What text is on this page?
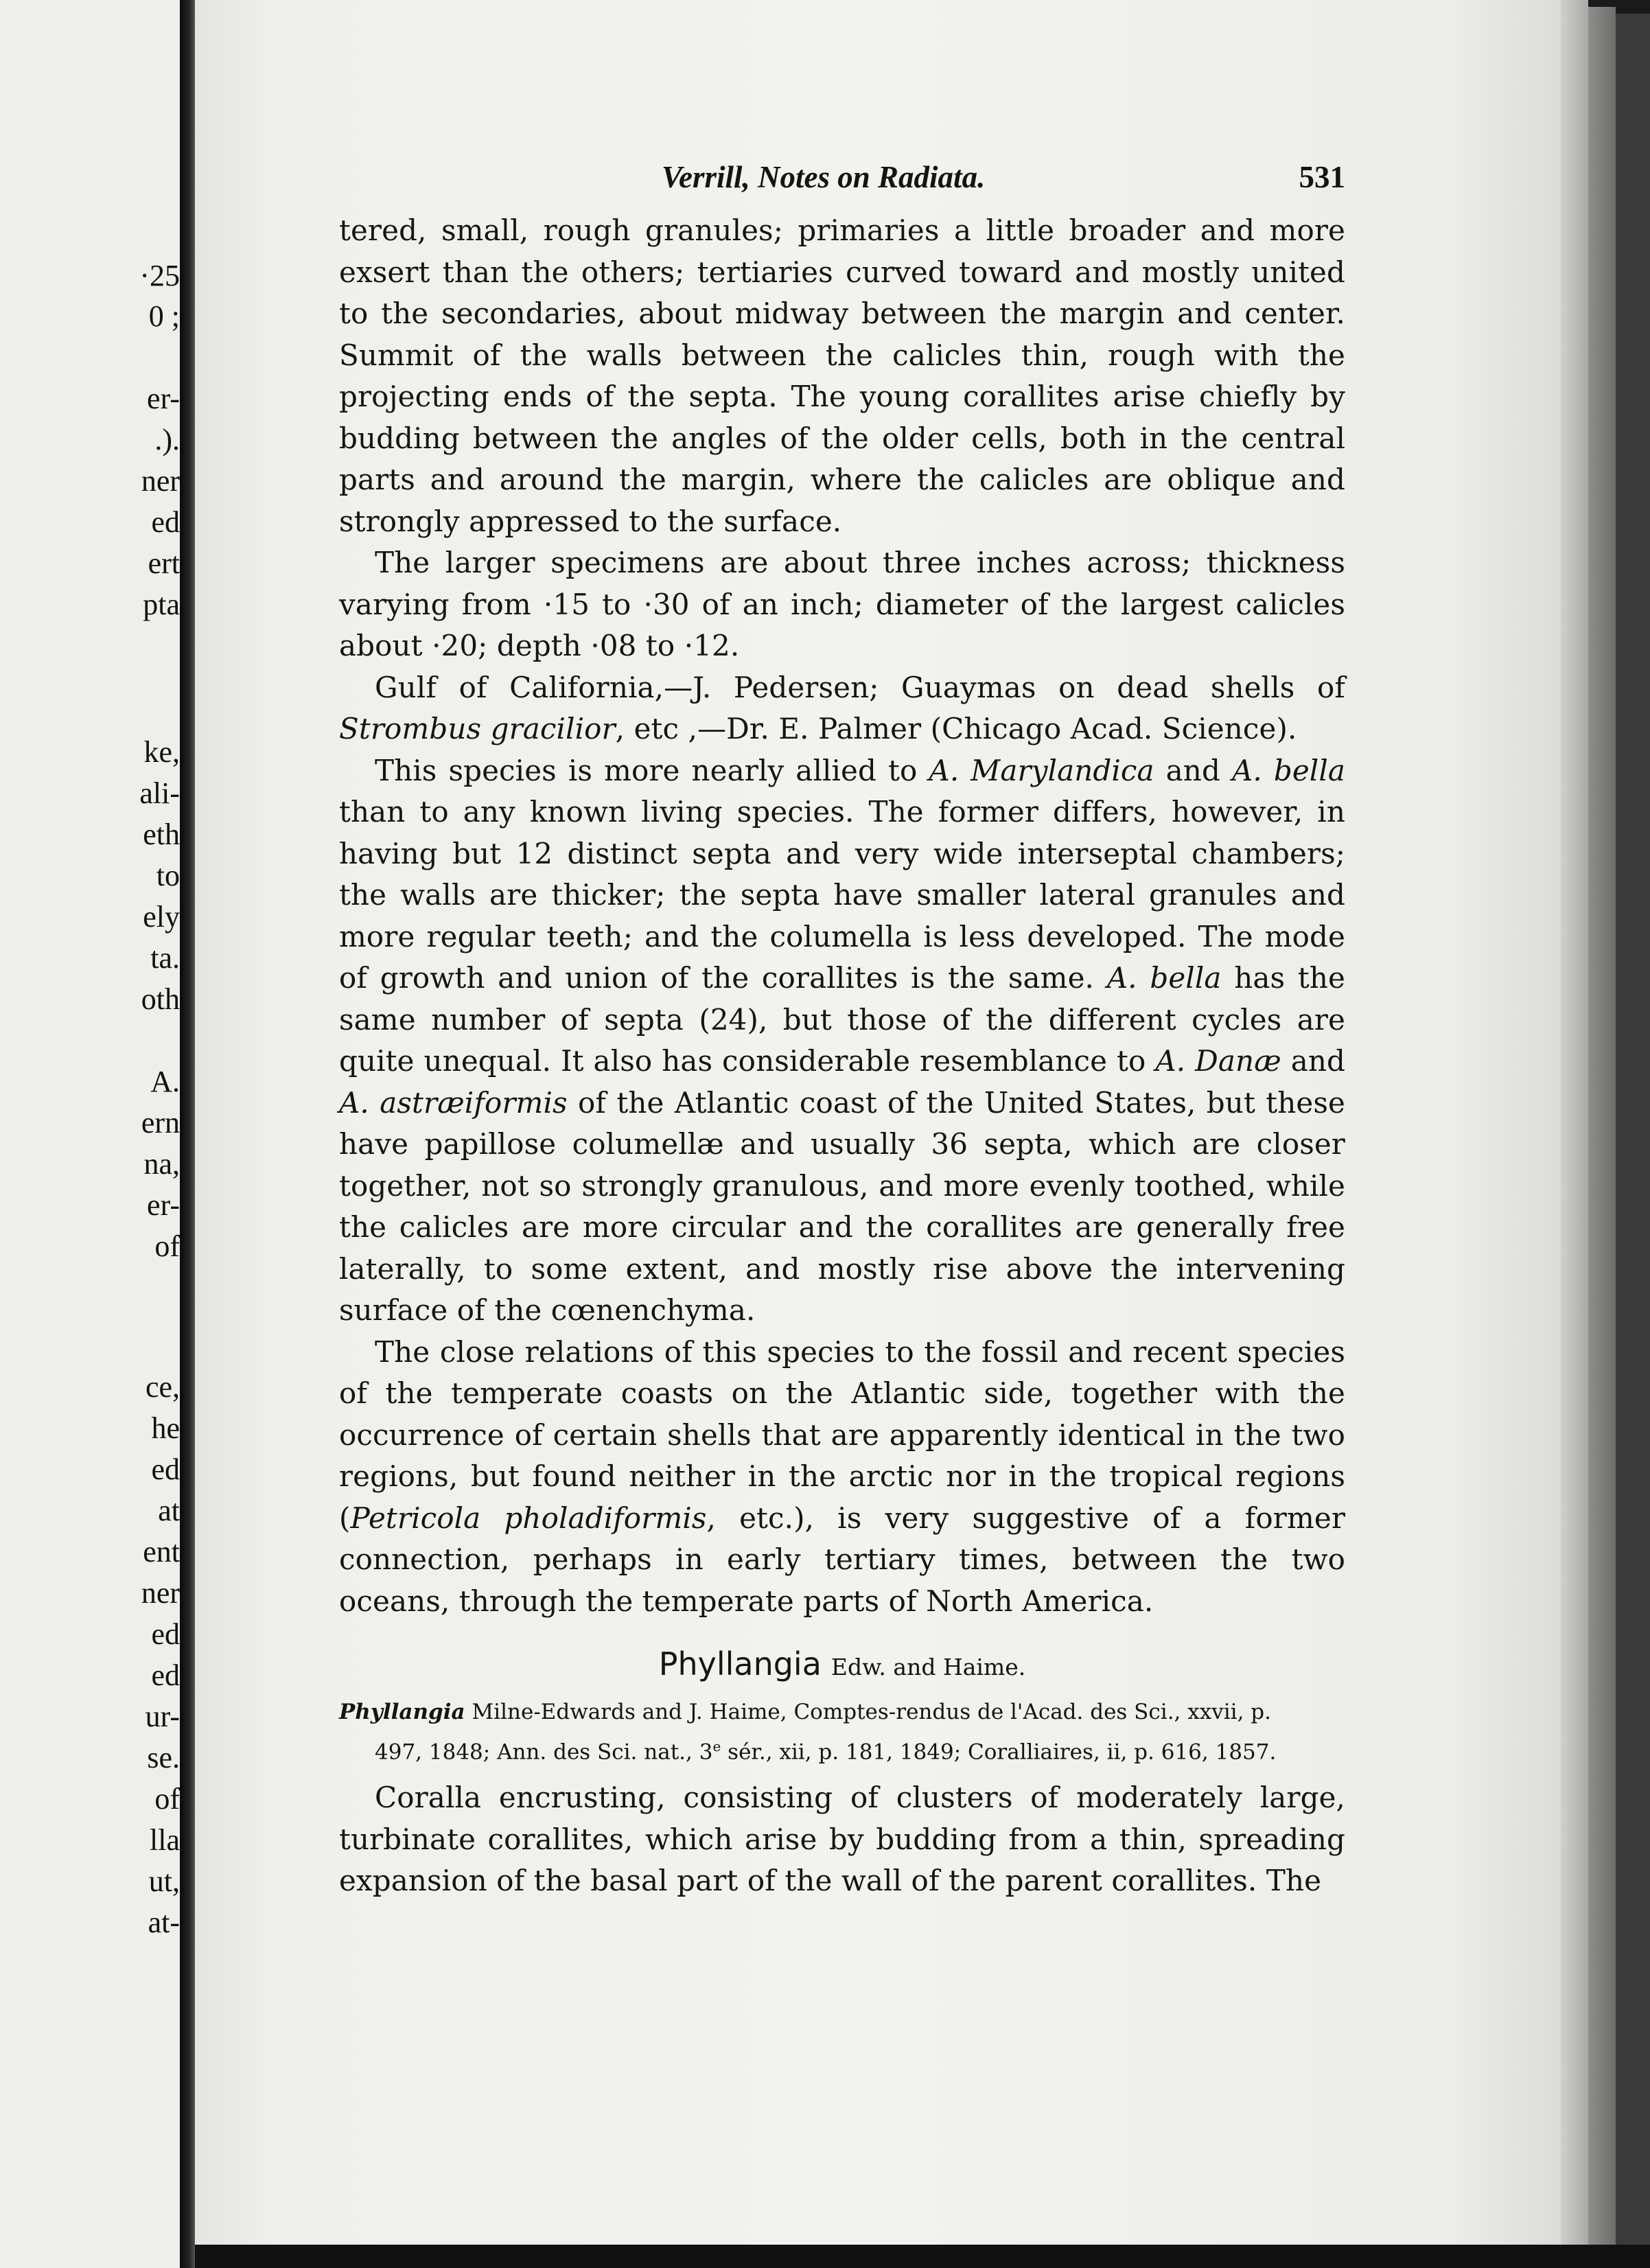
·25
0 ;
er-
.).
ner
ed
ert
pta
ke,
ali-
eth
to
ely
ta.
oth
A.
ern
na,
er-
of
ce,
he
ed
at
ent
ner
ed
ed
ur-
se.
of
lla
ut,
at-
Verrill, Notes on Radiata.	531

tered, small, rough granules; primaries a little broader and more exsert than the others; tertiaries curved toward and mostly united to the secondaries, about midway between the margin and center. Summit of the walls between the calicles thin, rough with the projecting ends of the septa. The young corallites arise chiefly by budding between the angles of the older cells, both in the central parts and around the margin, where the calicles are oblique and strongly appressed to the surface.

The larger specimens are about three inches across; thickness varying from ·15 to ·30 of an inch; diameter of the largest calicles about ·20; depth ·08 to ·12.

Gulf of California,—J. Pedersen; Guaymas on dead shells of Strombus gracilior, etc ,—Dr. E. Palmer (Chicago Acad. Science).

This species is more nearly allied to A. Marylandica and A. bella than to any known living species. The former differs, however, in having but 12 distinct septa and very wide interseptal chambers; the walls are thicker; the septa have smaller lateral granules and more regular teeth; and the columella is less developed. The mode of growth and union of the corallites is the same. A. bella has the same number of septa (24), but those of the different cycles are quite unequal. It also has considerable resemblance to A. Danæ and A. astræiformis of the Atlantic coast of the United States, but these have papillose columellæ and usually 36 septa, which are closer together, not so strongly granulous, and more evenly toothed, while the calicles are more circular and the corallites are generally free laterally, to some extent, and mostly rise above the intervening surface of the cœnenchyma.

The close relations of this species to the fossil and recent species of the temperate coasts on the Atlantic side, together with the occurrence of certain shells that are apparently identical in the two regions, but found neither in the arctic nor in the tropical regions (Petricola pholadiformis, etc.), is very suggestive of a former connection, perhaps in early tertiary times, between the two oceans, through the temperate parts of North America.

Phyllangia Edw. and Haime.

Phyllangia Milne-Edwards and J. Haime, Comptes-rendus de l'Acad. des Sci., xxvii, p.
497, 1848; Ann. des Sci. nat., 3e sér., xii, p. 181, 1849; Coralliaires, ii, p. 616, 1857.

Coralla encrusting, consisting of clusters of moderately large, turbinate corallites, which arise by budding from a thin, spreading expansion of the basal part of the wall of the parent corallites. The
